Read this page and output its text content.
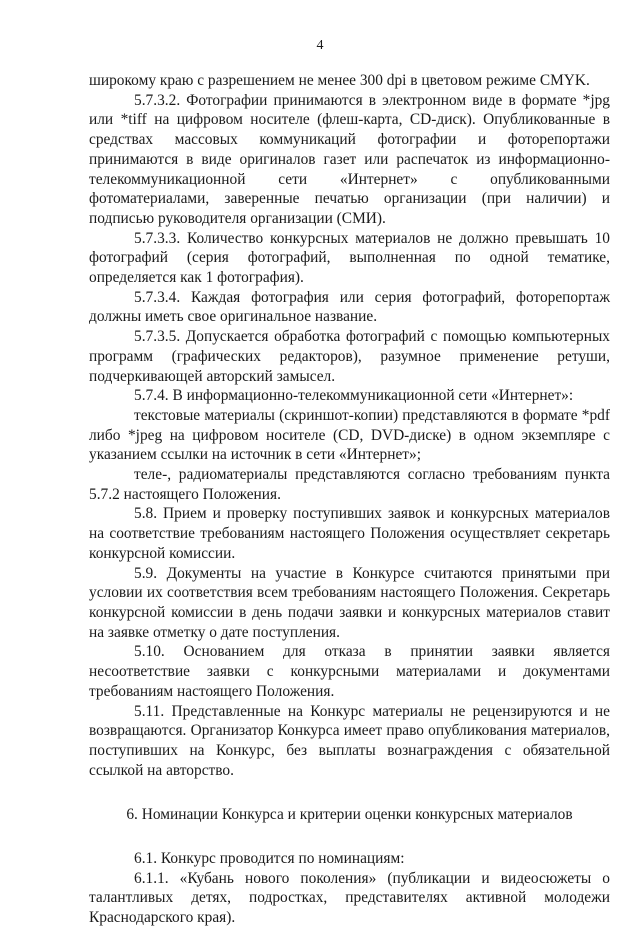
4

широкому краю с разрешением не менее 300 dpi в цветовом режиме CMYK.

5.7.3.2. Фотографии принимаются в электронном виде в формате *jpg или *tiff на цифровом носителе (флеш-карта, CD-диск). Опубликованные в средствах массовых коммуникаций фотографии и фоторепортажи принимаются в виде оригиналов газет или распечаток из информационно-телекоммуникационной сети «Интернет» с опубликованными фотоматериалами, заверенные печатью организации (при наличии) и подписью руководителя организации (СМИ).

5.7.3.3. Количество конкурсных материалов не должно превышать 10 фотографий (серия фотографий, выполненная по одной тематике, определяется как 1 фотография).

5.7.3.4. Каждая фотография или серия фотографий, фоторепортаж должны иметь свое оригинальное название.

5.7.3.5. Допускается обработка фотографий с помощью компьютерных программ (графических редакторов), разумное применение ретуши, подчеркивающей авторский замысел.

5.7.4. В информационно-телекоммуникационной сети «Интернет»:

текстовые материалы (скриншот-копии) представляются в формате *pdf либо *jpeg на цифровом носителе (CD, DVD-диске) в одном экземпляре с указанием ссылки на источник в сети «Интернет»;

теле-, радиоматериалы представляются согласно требованиям пункта 5.7.2 настоящего Положения.

5.8. Прием и проверку поступивших заявок и конкурсных материалов на соответствие требованиям настоящего Положения осуществляет секретарь конкурсной комиссии.

5.9. Документы на участие в Конкурсе считаются принятыми при условии их соответствия всем требованиям настоящего Положения. Секретарь конкурсной комиссии в день подачи заявки и конкурсных материалов ставит на заявке отметку о дате поступления.

5.10. Основанием для отказа в принятии заявки является несоответствие заявки с конкурсными материалами и документами требованиям настоящего Положения.

5.11. Представленные на Конкурс материалы не рецензируются и не возвращаются. Организатор Конкурса имеет право опубликования материалов, поступивших на Конкурс, без выплаты вознаграждения с обязательной ссылкой на авторство.

6. Номинации Конкурса и критерии оценки конкурсных материалов

6.1. Конкурс проводится по номинациям:

6.1.1. «Кубань нового поколения» (публикации и видеосюжеты о талантливых детях, подростках, представителях активной молодежи Краснодарского края).
